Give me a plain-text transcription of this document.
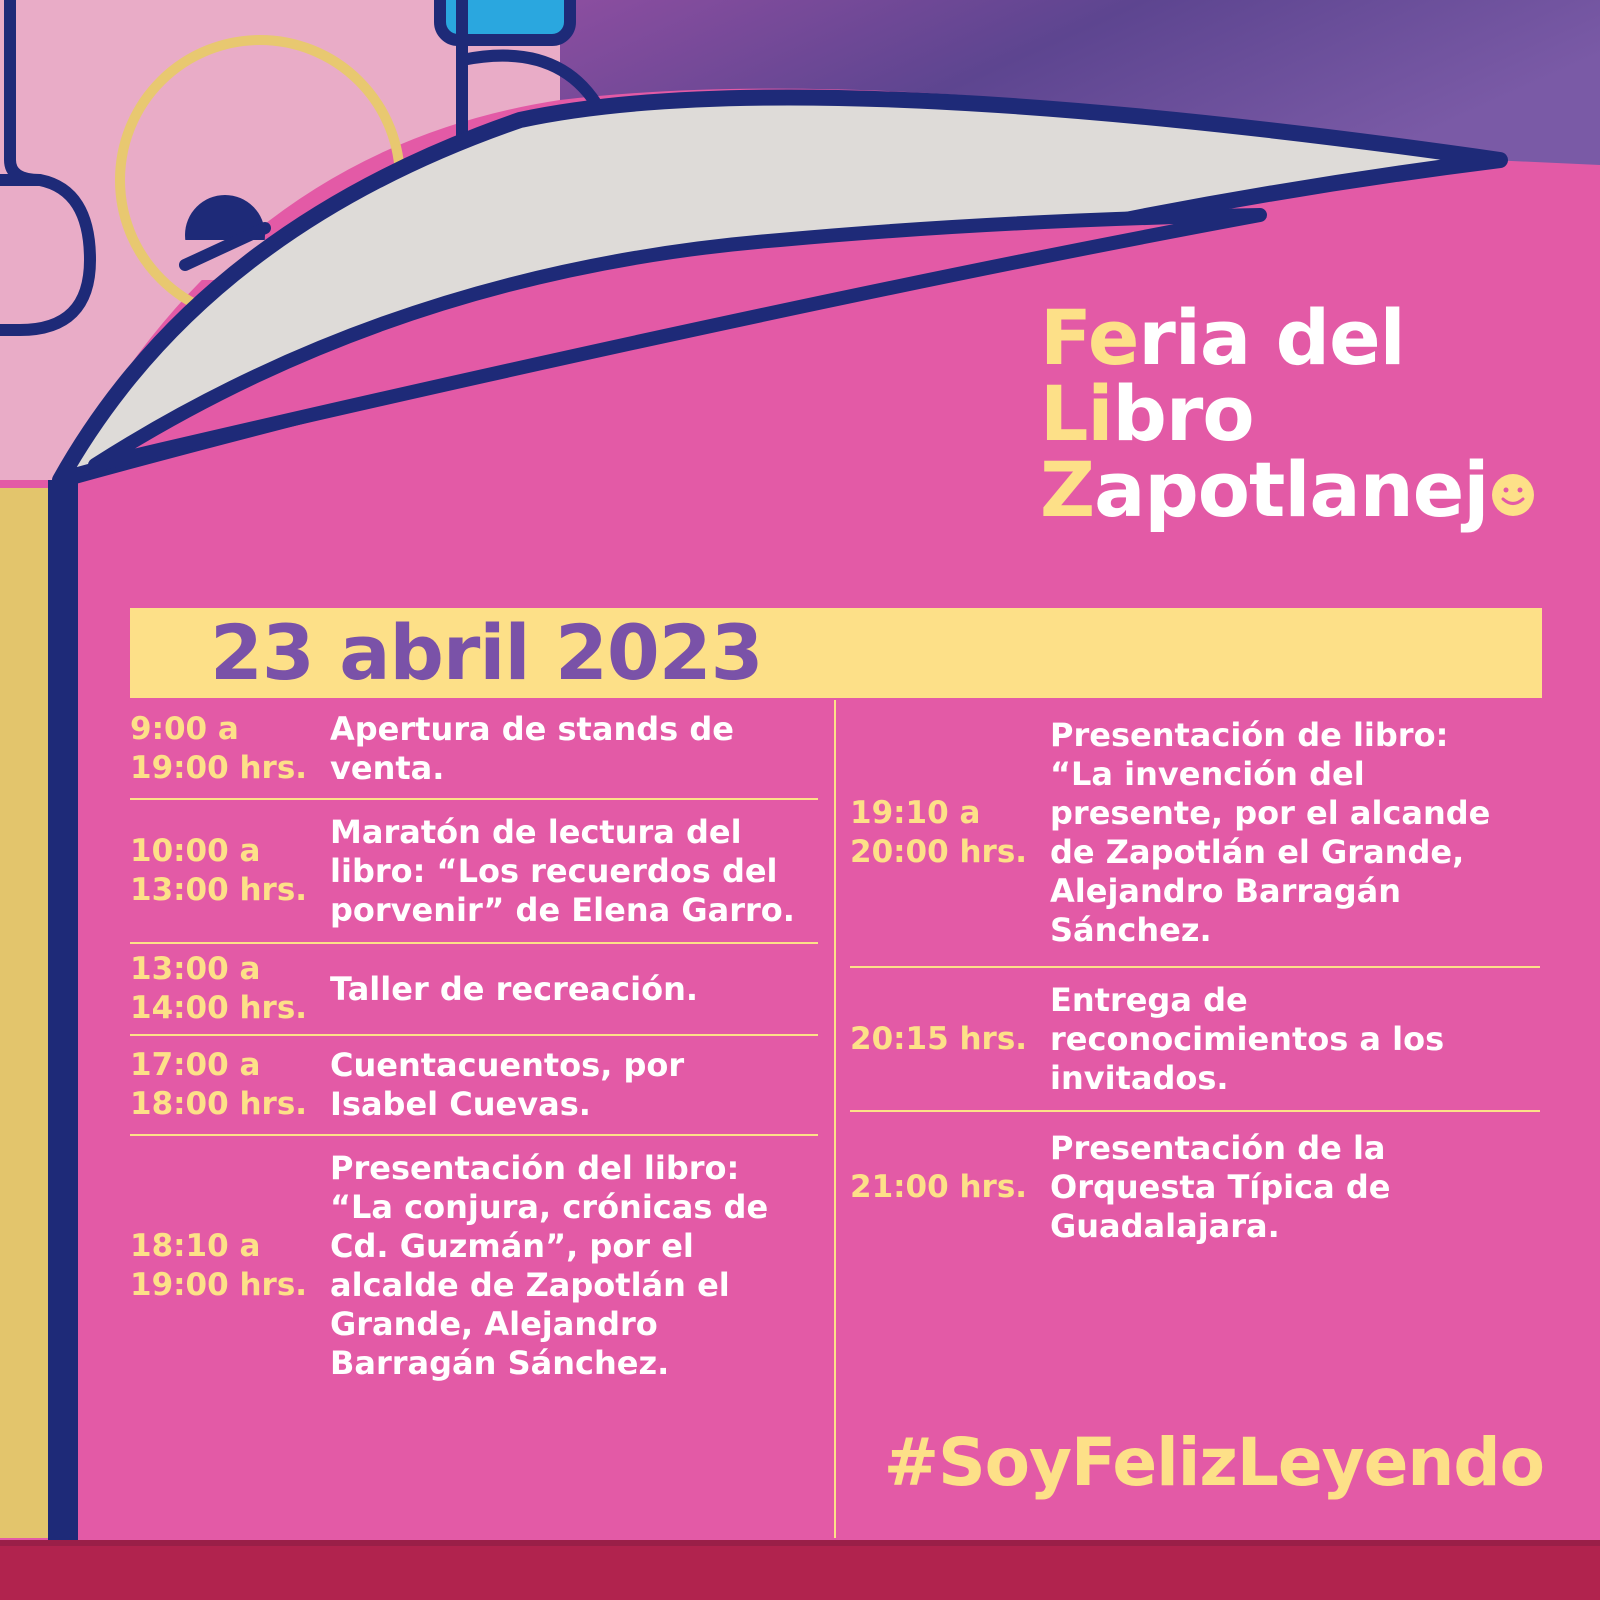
Feria del
Libro
Zapotlanej
23 abril 2023
9:00 a
19:00 hrs.
Apertura de stands de
venta.
10:00 a
13:00 hrs.
Maratón de lectura del
libro: “Los recuerdos del
porvenir” de Elena Garro.
13:00 a
14:00 hrs.
Taller de recreación.
17:00 a
18:00 hrs.
Cuentacuentos, por
Isabel Cuevas.
18:10 a
19:00 hrs.
Presentación del libro:
“La conjura, crónicas de
Cd. Guzmán”, por el
alcalde de Zapotlán el
Grande, Alejandro
Barragán Sánchez.
19:10 a
20:00 hrs.
Presentación de libro:
“La invención del
presente, por el alcande
de Zapotlán el Grande,
Alejandro Barragán
Sánchez.
20:15 hrs.
Entrega de
reconocimientos a los
invitados.
21:00 hrs.
Presentación de la
Orquesta Típica de
Guadalajara.
#SoyFelizLeyendo
